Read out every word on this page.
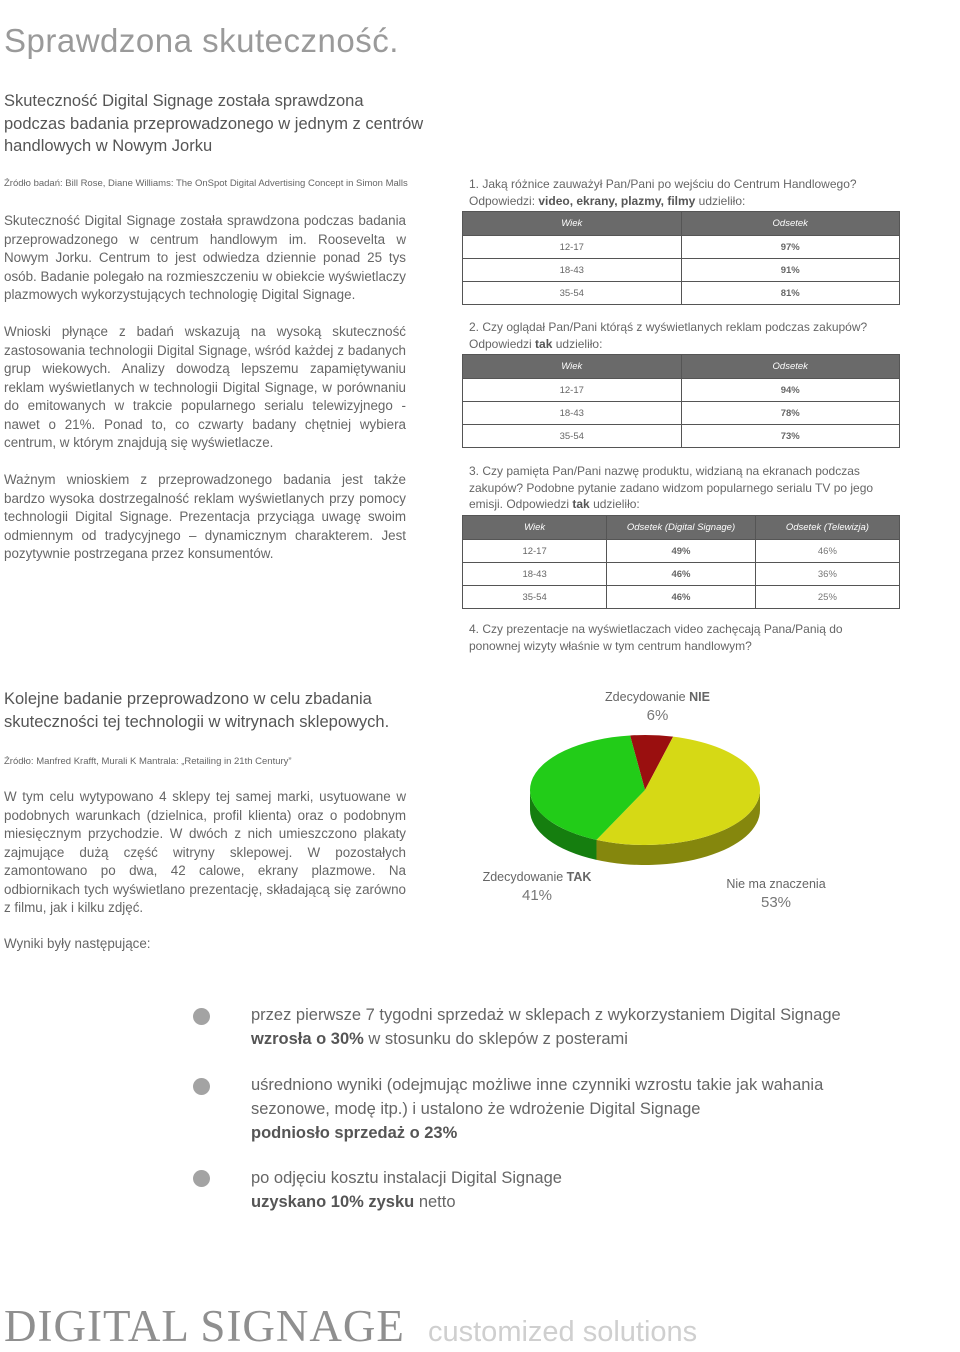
Sprawdzona skuteczność.
Skuteczność Digital Signage została sprawdzona podczas badania przeprowadzonego w jednym z centrów handlowych w Nowym Jorku
Źródło badań: Bill Rose, Diane Williams: The OnSpot Digital Advertising Concept in Simon Malls

Skuteczność Digital Signage została sprawdzona podczas badania przeprowadzonego w centrum handlowym im. Roosevelta w Nowym Jorku. Centrum to jest odwiedza dziennie ponad 25 tys osób. Badanie polegało na rozmieszczeniu w obiekcie wyświetlaczy plazmowych wykorzystujących technologię Digital Signage.

Wnioski płynące z badań wskazują na wysoką skuteczność zastosowania technologii Digital Signage, wśród każdej z badanych grup wiekowych. Analizy dowodzą lepszemu zapamiętywaniu reklam wyświetlanych w technologii Digital Signage, w porównaniu do emitowanych w trakcie popularnego serialu telewizyjnego - nawet o 21%. Ponad to, co czwarty badany chętniej wybiera centrum, w którym znajdują się wyświetlacze.

Ważnym wnioskiem z przeprowadzonego badania jest także bardzo wysoka dostrzegalność reklam wyświetlanych przy pomocy technologii Digital Signage. Prezentacja przyciąga uwagę swoim odmiennym od tradycyjnego – dynamicznym charakterem. Jest pozytywnie postrzegana przez konsumentów.

1. Jaką różnice zauważył Pan/Pani po wejściu do Centrum Handlowego?
Odpowiedzi: video, ekrany, plazmy, filmy udzieliło:
Wiek	Odsetek
12-17	97%
18-43	91%
35-54	81%
2. Czy oglądał Pan/Pani którąś z wyświetlanych reklam podczas zakupów?
Odpowiedzi tak udzieliło:
Wiek	Odsetek
12-17	94%
18-43	78%
35-54	73%
3. Czy pamięta Pan/Pani nazwę produktu, widzianą na ekranach podczas zakupów? Podobne pytanie zadano widzom popularnego serialu TV po jego emisji. Odpowiedzi tak udzieliło:
Wiek	Odsetek (Digital Signage)	Odsetek (Telewizja)
12-17	49%	46%
18-43	46%	36%
35-54	46%	25%
4. Czy prezentacje na wyświetlaczach video zachęcają Pana/Panią do ponownej wizyty właśnie w tym centrum handlowym?
Kolejne badanie przeprowadzono w celu zbadania skuteczności tej technologii w witrynach sklepowych.
Źródło: Manfred Krafft, Murali K Mantrala: „Retailing in 21th Century”
W tym celu wytypowano 4 sklepy tej samej marki, usytuowane w podobnych warunkach (dzielnica, profil klienta) oraz o podobnym miesięcznym przychodzie. W dwóch z nich umieszczono plakaty zajmujące dużą część witryny sklepowej. W pozostałych zamontowano po dwa, 42 calowe, ekrany plazmowe. Na odbiornikach tych wyświetlano prezentację, składającą się zarówno z filmu, jak i kilku zdjęć.
Wyniki były następujące:
Zdecydowanie NIE
6%
Zdecydowanie TAK
41%
Nie ma znaczenia
53%
przez pierwsze 7 tygodni sprzedaż w sklepach z wykorzystaniem Digital Signage
wzrosła o 30% w stosunku do sklepów z posterami
uśredniono wyniki (odejmując możliwe inne czynniki wzrostu takie jak wahania sezonowe, modę itp.) i ustalono że wdrożenie Digital Signage
podniosło sprzedaż o 23%
po odjęciu kosztu instalacji Digital Signage
uzyskano 10% zysku netto
DIGITAL SIGNAGE customized solutions
